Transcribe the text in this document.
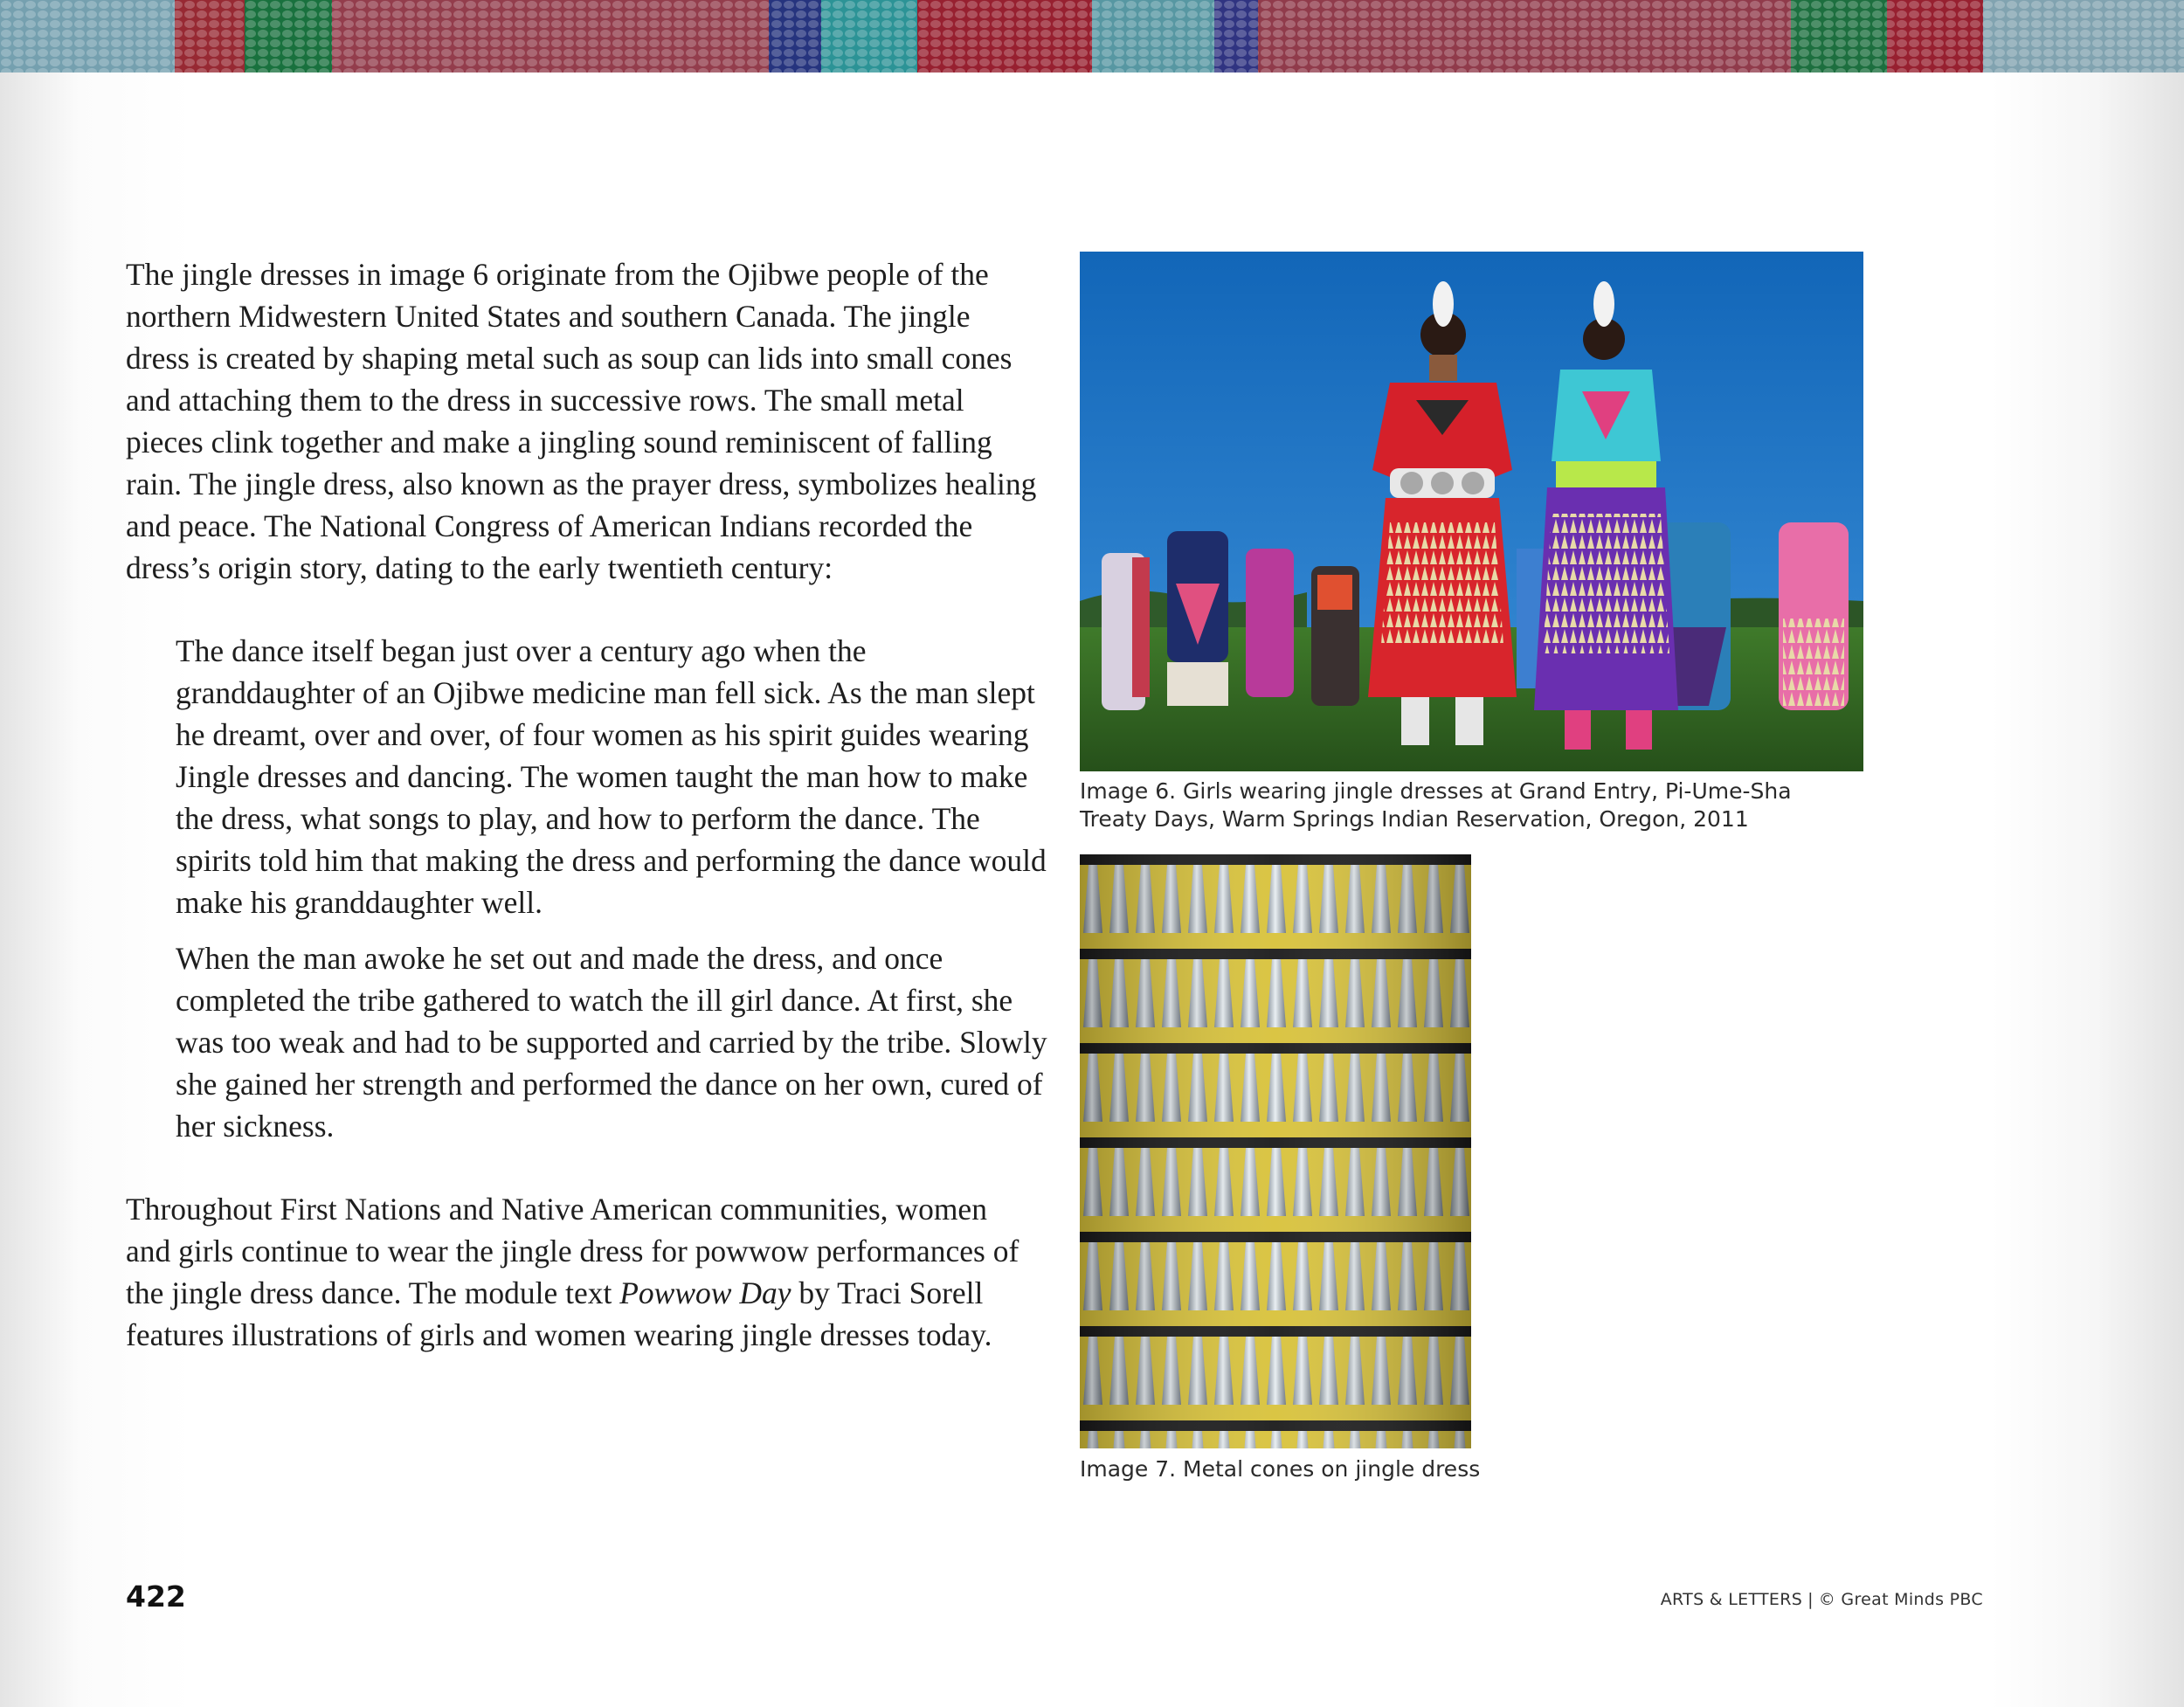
The jingle dresses in image 6 originate from the Ojibwe people of the northern Midwestern United States and southern Canada. The jingle dress is created by shaping metal such as soup can lids into small cones and attaching them to the dress in successive rows. The small metal pieces clink together and make a jingling sound reminiscent of falling rain. The jingle dress, also known as the prayer dress, symbolizes healing and peace. The National Congress of American Indians recorded the dress’s origin story, dating to the early twentieth century:

The dance itself began just over a century ago when the granddaughter of an Ojibwe medicine man fell sick. As the man slept he dreamt, over and over, of four women as his spirit guides wearing Jingle dresses and dancing. The women taught the man how to make the dress, what songs to play, and how to perform the dance. The spirits told him that making the dress and performing the dance would make his granddaughter well.

When the man awoke he set out and made the dress, and once completed the tribe gathered to watch the ill girl dance. At first, she was too weak and had to be supported and carried by the tribe. Slowly she gained her strength and performed the dance on her own, cured of her sickness.

Throughout First Nations and Native American communities, women and girls continue to wear the jingle dress for powwow performances of the jingle dress dance. The module text Powwow Day by Traci Sorell features illustrations of girls and women wearing jingle dresses today.

Image 6. Girls wearing jingle dresses at Grand Entry, Pi-Ume-Sha Treaty Days, Warm Springs Indian Reservation, Oregon, 2011

Image 7. Metal cones on jingle dress

422	ARTS & LETTERS | © Great Minds PBC
